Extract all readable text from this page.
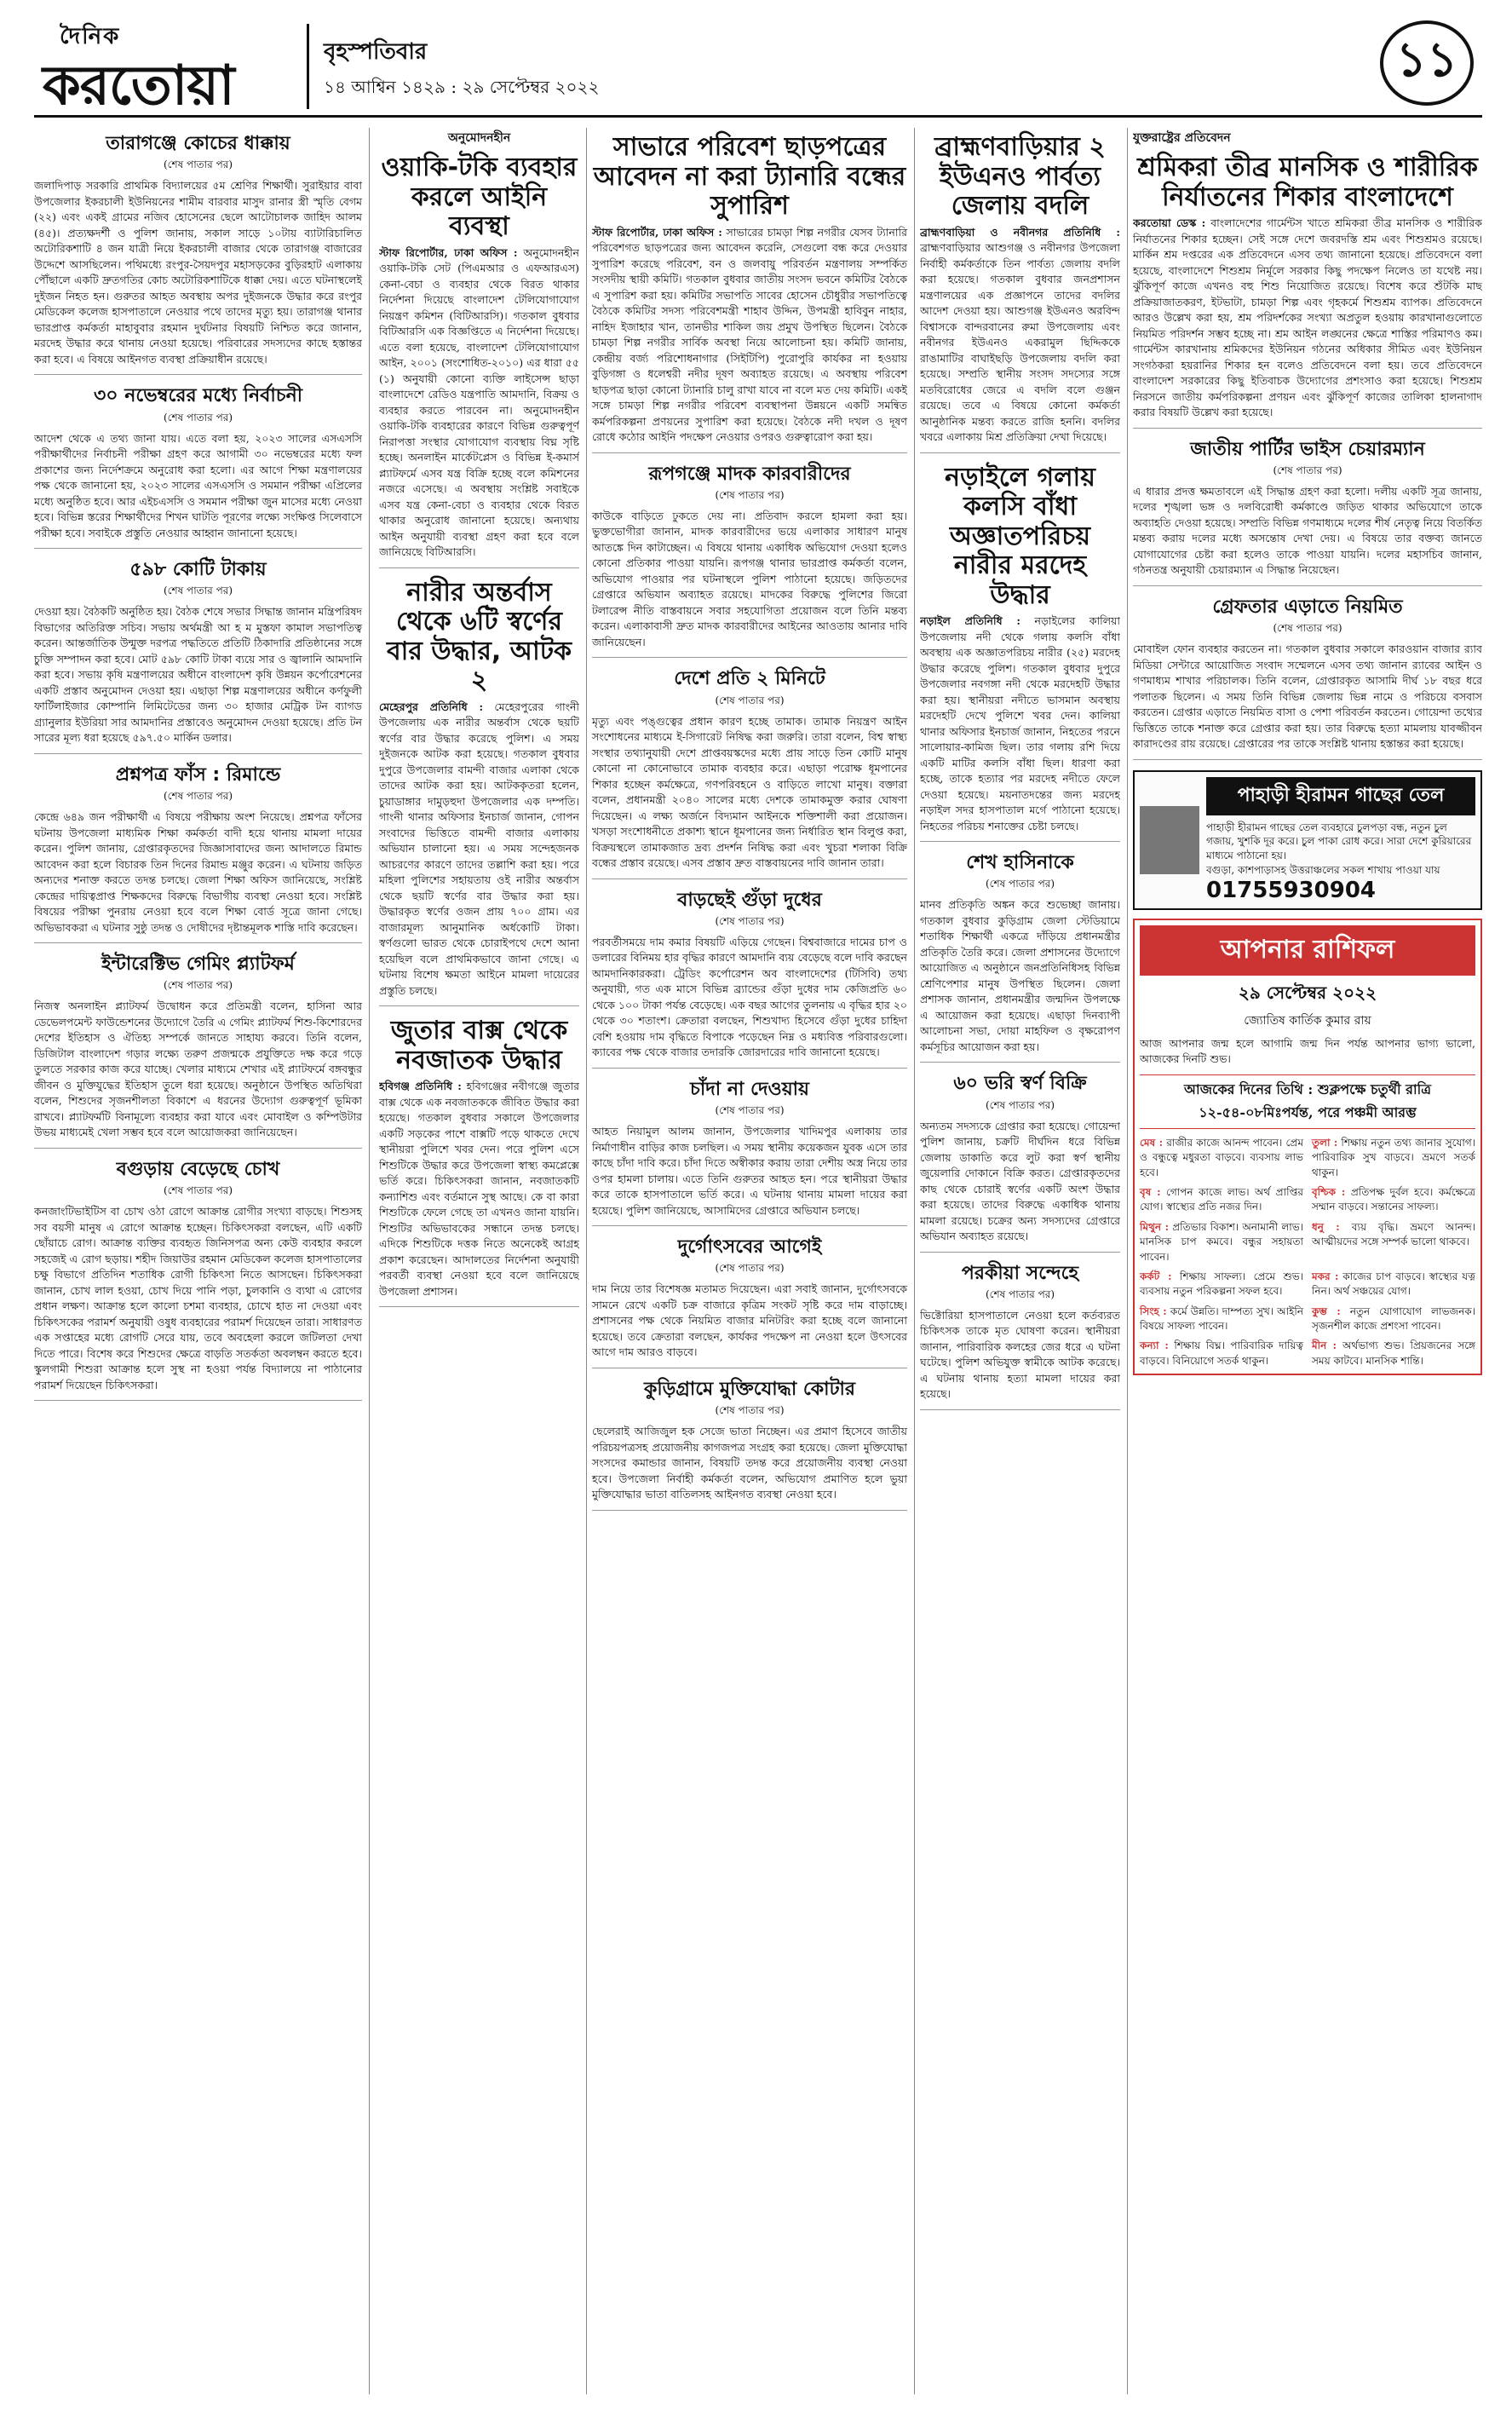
দৈনিক
করতোয়া
বৃহস্পতিবার
১৪ আশ্বিন ১৪২৯ : ২৯ সেপ্টেম্বর ২০২২	১১
তারাগঞ্জে কোচের ধাক্কায়
(শেষ পাতার পর)
জলাদিপাড় সরকারি প্রাথমিক বিদ্যালয়ের ৫ম শ্রেণির শিক্ষার্থী। সুরাইয়ার বাবা উপজেলার ইকরচালী ইউনিয়নের শামীম বারবার মাসুদ রানার স্ত্রী স্মৃতি বেগম (২২) এবং একই গ্রামের নজিব হোসেনের ছেলে আটোচালক জাহিদ আলম (৪৫)। প্রত্যক্ষদর্শী ও পুলিশ জানায়, সকাল সাড়ে ১০টায় ব্যাটারিচালিত অটোরিকশাটি ৪ জন যাত্রী নিয়ে ইকরচালী বাজার থেকে তারাগঞ্জ বাজারের উদ্দেশে আসছিলেন। পথিমধ্যে রংপুর-সৈয়দপুর মহাসড়কের বুড়িরহাট এলাকায় পৌঁছালে একটি দ্রুতগতির কোচ অটোরিকশাটিকে ধাক্কা দেয়। এতে ঘটনাস্থলেই দুইজন নিহত হন। গুরুতর আহত অবস্থায় অপর দুইজনকে উদ্ধার করে রংপুর মেডিকেল কলেজ হাসপাতালে নেওয়ার পথে তাদের মৃত্যু হয়। তারাগঞ্জ থানার ভারপ্রাপ্ত কর্মকর্তা মাহাবুবার রহমান দুর্ঘটনার বিষয়টি নিশ্চিত করে জানান, মরদেহ উদ্ধার করে থানায় নেওয়া হয়েছে। পরিবারের সদস্যদের কাছে হস্তান্তর করা হবে। এ বিষয়ে আইনগত ব্যবস্থা প্রক্রিয়াধীন রয়েছে।
৩০ নভেম্বরের মধ্যে নির্বাচনী
(শেষ পাতার পর)
আদেশ থেকে এ তথ্য জানা যায়। এতে বলা হয়, ২০২৩ সালের এসএসসি পরীক্ষার্থীদের নির্বাচনী পরীক্ষা গ্রহণ করে আগামী ৩০ নভেম্বরের মধ্যে ফল প্রকাশের জন্য নির্দেশক্রমে অনুরোধ করা হলো। এর আগে শিক্ষা মন্ত্রণালয়ের পক্ষ থেকে জানানো হয়, ২০২৩ সালের এসএসসি ও সমমান পরীক্ষা এপ্রিলের মধ্যে অনুষ্ঠিত হবে। আর এইচএসসি ও সমমান পরীক্ষা জুন মাসের মধ্যে নেওয়া হবে। বিভিন্ন স্তরের শিক্ষার্থীদের শিখন ঘাটতি পূরণের লক্ষ্যে সংক্ষিপ্ত সিলেবাসে পরীক্ষা হবে। সবাইকে প্রস্তুতি নেওয়ার আহ্বান জানানো হয়েছে।
৫৯৮ কোটি টাকায়
(শেষ পাতার পর)
দেওয়া হয়। বৈঠকটি অনুষ্ঠিত হয়। বৈঠক শেষে সভার সিদ্ধান্ত জানান মন্ত্রিপরিষদ বিভাগের অতিরিক্ত সচিব। সভায় অর্থমন্ত্রী আ হ ম মুস্তফা কামাল সভাপতিত্ব করেন। আন্তর্জাতিক উন্মুক্ত দরপত্র পদ্ধতিতে প্রতিটি ঠিকাদারি প্রতিষ্ঠানের সঙ্গে চুক্তি সম্পাদন করা হবে। মোট ৫৯৮ কোটি টাকা ব্যয়ে সার ও জ্বালানি আমদানি করা হবে। সভায় কৃষি মন্ত্রণালয়ের অধীনে বাংলাদেশ কৃষি উন্নয়ন কর্পোরেশনের একটি প্রস্তাব অনুমোদন দেওয়া হয়। এছাড়া শিল্প মন্ত্রণালয়ের অধীনে কর্ণফুলী ফার্টিলাইজার কোম্পানি লিমিটেডের জন্য ৩০ হাজার মেট্রিক টন ব্যাগড গ্র্যানুলার ইউরিয়া সার আমদানির প্রস্তাবেও অনুমোদন দেওয়া হয়েছে। প্রতি টন সারের মূল্য ধরা হয়েছে ৫৯৭.৫০ মার্কিন ডলার।
প্রশ্নপত্র ফাঁস : রিমান্ডে
(শেষ পাতার পর)
কেন্দ্রে ৬৪৯ জন পরীক্ষার্থী এ বিষয়ে পরীক্ষায় অংশ নিয়েছে। প্রশ্নপত্র ফাঁসের ঘটনায় উপজেলা মাধ্যমিক শিক্ষা কর্মকর্তা বাদী হয়ে থানায় মামলা দায়ের করেন। পুলিশ জানায়, গ্রেপ্তারকৃতদের জিজ্ঞাসাবাদের জন্য আদালতে রিমান্ড আবেদন করা হলে বিচারক তিন দিনের রিমান্ড মঞ্জুর করেন। এ ঘটনায় জড়িত অন্যদের শনাক্ত করতে তদন্ত চলছে। জেলা শিক্ষা অফিস জানিয়েছে, সংশ্লিষ্ট কেন্দ্রের দায়িত্বপ্রাপ্ত শিক্ষকদের বিরুদ্ধে বিভাগীয় ব্যবস্থা নেওয়া হবে। সংশ্লিষ্ট বিষয়ের পরীক্ষা পুনরায় নেওয়া হবে বলে শিক্ষা বোর্ড সূত্রে জানা গেছে। অভিভাবকরা এ ঘটনার সুষ্ঠু তদন্ত ও দোষীদের দৃষ্টান্তমূলক শাস্তি দাবি করেছেন।
ইন্টারেক্টিভ গেমিং প্ল্যাটফর্ম
(শেষ পাতার পর)
নিজস্ব অনলাইন প্ল্যাটফর্ম উদ্বোধন করে প্রতিমন্ত্রী বলেন, হাসিনা আর ডেভেলপমেন্ট ফাউন্ডেশনের উদ্যোগে তৈরি এ গেমিং প্ল্যাটফর্ম শিশু-কিশোরদের দেশের ইতিহাস ও ঐতিহ্য সম্পর্কে জানতে সাহায্য করবে। তিনি বলেন, ডিজিটাল বাংলাদেশ গড়ার লক্ষ্যে তরুণ প্রজন্মকে প্রযুক্তিতে দক্ষ করে গড়ে তুলতে সরকার কাজ করে যাচ্ছে। খেলার মাধ্যমে শেখার এই প্ল্যাটফর্মে বঙ্গবন্ধুর জীবন ও মুক্তিযুদ্ধের ইতিহাস তুলে ধরা হয়েছে। অনুষ্ঠানে উপস্থিত অতিথিরা বলেন, শিশুদের সৃজনশীলতা বিকাশে এ ধরনের উদ্যোগ গুরুত্বপূর্ণ ভূমিকা রাখবে। প্ল্যাটফর্মটি বিনামূল্যে ব্যবহার করা যাবে এবং মোবাইল ও কম্পিউটার উভয় মাধ্যমেই খেলা সম্ভব হবে বলে আয়োজকরা জানিয়েছেন।
বগুড়ায় বেড়েছে চোখ
(শেষ পাতার পর)
কনজাংটিভাইটিস বা চোখ ওঠা রোগে আক্রান্ত রোগীর সংখ্যা বাড়ছে। শিশুসহ সব বয়সী মানুষ এ রোগে আক্রান্ত হচ্ছেন। চিকিৎসকরা বলছেন, এটি একটি ছোঁয়াচে রোগ। আক্রান্ত ব্যক্তির ব্যবহৃত জিনিসপত্র অন্য কেউ ব্যবহার করলে সহজেই এ রোগ ছড়ায়। শহীদ জিয়াউর রহমান মেডিকেল কলেজ হাসপাতালের চক্ষু বিভাগে প্রতিদিন শতাধিক রোগী চিকিৎসা নিতে আসছেন। চিকিৎসকরা জানান, চোখ লাল হওয়া, চোখ দিয়ে পানি পড়া, চুলকানি ও ব্যথা এ রোগের প্রধান লক্ষণ। আক্রান্ত হলে কালো চশমা ব্যবহার, চোখে হাত না দেওয়া এবং চিকিৎসকের পরামর্শ অনুযায়ী ওষুধ ব্যবহারের পরামর্শ দিয়েছেন তারা। সাধারণত এক সপ্তাহের মধ্যে রোগটি সেরে যায়, তবে অবহেলা করলে জটিলতা দেখা দিতে পারে। বিশেষ করে শিশুদের ক্ষেত্রে বাড়তি সতর্কতা অবলম্বন করতে হবে। স্কুলগামী শিশুরা আক্রান্ত হলে সুস্থ না হওয়া পর্যন্ত বিদ্যালয়ে না পাঠানোর পরামর্শ দিয়েছেন চিকিৎসকরা।
অনুমোদনহীন
ওয়াকি-টকি ব্যবহার করলে আইনি ব্যবস্থা
স্টাফ রিপোর্টার, ঢাকা অফিস : অনুমোদনহীন ওয়াকি-টকি সেট (পিএমআর ও এফআরএস) কেনা-বেচা ও ব্যবহার থেকে বিরত থাকার নির্দেশনা দিয়েছে বাংলাদেশ টেলিযোগাযোগ নিয়ন্ত্রণ কমিশন (বিটিআরসি)। গতকাল বুধবার বিটিআরসি এক বিজ্ঞপ্তিতে এ নির্দেশনা দিয়েছে। এতে বলা হয়েছে, বাংলাদেশ টেলিযোগাযোগ আইন, ২০০১ (সংশোধিত-২০১০) এর ধারা ৫৫ (১) অনুযায়ী কোনো ব্যক্তি লাইসেন্স ছাড়া বাংলাদেশে রেডিও যন্ত্রপাতি আমদানি, বিক্রয় ও ব্যবহার করতে পারবেন না। অনুমোদনহীন ওয়াকি-টকি ব্যবহারের কারণে বিভিন্ন গুরুত্বপূর্ণ নিরাপত্তা সংস্থার যোগাযোগ ব্যবস্থায় বিঘ্ন সৃষ্টি হচ্ছে। অনলাইন মার্কেটপ্লেস ও বিভিন্ন ই-কমার্স প্ল্যাটফর্মে এসব যন্ত্র বিক্রি হচ্ছে বলে কমিশনের নজরে এসেছে। এ অবস্থায় সংশ্লিষ্ট সবাইকে এসব যন্ত্র কেনা-বেচা ও ব্যবহার থেকে বিরত থাকার অনুরোধ জানানো হয়েছে। অন্যথায় আইন অনুযায়ী ব্যবস্থা গ্রহণ করা হবে বলে জানিয়েছে বিটিআরসি।
নারীর অন্তর্বাস থেকে ৬টি স্বর্ণের বার উদ্ধার, আটক ২
মেহেরপুর প্রতিনিধি : মেহেরপুরের গাংনী উপজেলায় এক নারীর অন্তর্বাস থেকে ছয়টি স্বর্ণের বার উদ্ধার করেছে পুলিশ। এ সময় দুইজনকে আটক করা হয়েছে। গতকাল বুধবার দুপুরে উপজেলার বামন্দী বাজার এলাকা থেকে তাদের আটক করা হয়। আটককৃতরা হলেন, চুয়াডাঙ্গার দামুড়হুদা উপজেলার এক দম্পতি। গাংনী থানার অফিসার ইনচার্জ জানান, গোপন সংবাদের ভিত্তিতে বামন্দী বাজার এলাকায় অভিযান চালানো হয়। এ সময় সন্দেহজনক আচরণের কারণে তাদের তল্লাশি করা হয়। পরে মহিলা পুলিশের সহায়তায় ওই নারীর অন্তর্বাস থেকে ছয়টি স্বর্ণের বার উদ্ধার করা হয়। উদ্ধারকৃত স্বর্ণের ওজন প্রায় ৭০০ গ্রাম। এর বাজারমূল্য আনুমানিক অর্ধকোটি টাকা। স্বর্ণগুলো ভারত থেকে চোরাইপথে দেশে আনা হয়েছিল বলে প্রাথমিকভাবে জানা গেছে। এ ঘটনায় বিশেষ ক্ষমতা আইনে মামলা দায়েরের প্রস্তুতি চলছে।
জুতার বাক্স থেকে নবজাতক উদ্ধার
হবিগঞ্জ প্রতিনিধি : হবিগঞ্জের নবীগঞ্জে জুতার বাক্স থেকে এক নবজাতককে জীবিত উদ্ধার করা হয়েছে। গতকাল বুধবার সকালে উপজেলার একটি সড়কের পাশে বাক্সটি পড়ে থাকতে দেখে স্থানীয়রা পুলিশে খবর দেন। পরে পুলিশ এসে শিশুটিকে উদ্ধার করে উপজেলা স্বাস্থ্য কমপ্লেক্সে ভর্তি করে। চিকিৎসকরা জানান, নবজাতকটি কন্যাশিশু এবং বর্তমানে সুস্থ আছে। কে বা কারা শিশুটিকে ফেলে গেছে তা এখনও জানা যায়নি। শিশুটির অভিভাবকের সন্ধানে তদন্ত চলছে। এদিকে শিশুটিকে দত্তক নিতে অনেকেই আগ্রহ প্রকাশ করেছেন। আদালতের নির্দেশনা অনুযায়ী পরবর্তী ব্যবস্থা নেওয়া হবে বলে জানিয়েছে উপজেলা প্রশাসন।
সাভারে পরিবেশ ছাড়পত্রের আবেদন না করা ট্যানারি বন্ধের সুপারিশ
স্টাফ রিপোর্টার, ঢাকা অফিস : সাভারের চামড়া শিল্প নগরীর যেসব ট্যানারি পরিবেশগত ছাড়পত্রের জন্য আবেদন করেনি, সেগুলো বন্ধ করে দেওয়ার সুপারিশ করেছে পরিবেশ, বন ও জলবায়ু পরিবর্তন মন্ত্রণালয় সম্পর্কিত সংসদীয় স্থায়ী কমিটি। গতকাল বুধবার জাতীয় সংসদ ভবনে কমিটির বৈঠকে এ সুপারিশ করা হয়। কমিটির সভাপতি সাবের হোসেন চৌধুরীর সভাপতিত্বে বৈঠকে কমিটির সদস্য পরিবেশমন্ত্রী শাহাব উদ্দিন, উপমন্ত্রী হাবিবুন নাহার, নাহিদ ইজাহার খান, তানভীর শাকিল জয় প্রমুখ উপস্থিত ছিলেন। বৈঠকে চামড়া শিল্প নগরীর সার্বিক অবস্থা নিয়ে আলোচনা হয়। কমিটি জানায়, কেন্দ্রীয় বর্জ্য পরিশোধনাগার (সিইটিপি) পুরোপুরি কার্যকর না হওয়ায় বুড়িগঙ্গা ও ধলেশ্বরী নদীর দূষণ অব্যাহত রয়েছে। এ অবস্থায় পরিবেশ ছাড়পত্র ছাড়া কোনো ট্যানারি চালু রাখা যাবে না বলে মত দেয় কমিটি। একই সঙ্গে চামড়া শিল্প নগরীর পরিবেশ ব্যবস্থাপনা উন্নয়নে একটি সমন্বিত কর্মপরিকল্পনা প্রণয়নের সুপারিশ করা হয়েছে। বৈঠকে নদী দখল ও দূষণ রোধে কঠোর আইনি পদক্ষেপ নেওয়ার ওপরও গুরুত্বারোপ করা হয়।
রূপগঞ্জে মাদক কারবারীদের
(শেষ পাতার পর)
কাউকে বাড়িতে ঢুকতে দেয় না। প্রতিবাদ করলে হামলা করা হয়। ভুক্তভোগীরা জানান, মাদক কারবারীদের ভয়ে এলাকার সাধারণ মানুষ আতঙ্কে দিন কাটাচ্ছেন। এ বিষয়ে থানায় একাধিক অভিযোগ দেওয়া হলেও কোনো প্রতিকার পাওয়া যায়নি। রূপগঞ্জ থানার ভারপ্রাপ্ত কর্মকর্তা বলেন, অভিযোগ পাওয়ার পর ঘটনাস্থলে পুলিশ পাঠানো হয়েছে। জড়িতদের গ্রেপ্তারে অভিযান অব্যাহত রয়েছে। মাদকের বিরুদ্ধে পুলিশের জিরো টলারেন্স নীতি বাস্তবায়নে সবার সহযোগিতা প্রয়োজন বলে তিনি মন্তব্য করেন। এলাকাবাসী দ্রুত মাদক কারবারীদের আইনের আওতায় আনার দাবি জানিয়েছেন।
দেশে প্রতি ২ মিনিটে
(শেষ পাতার পর)
মৃত্যু এবং পঙ্গুত্বের প্রধান কারণ হচ্ছে তামাক। তামাক নিয়ন্ত্রণ আইন সংশোধনের মাধ্যমে ই-সিগারেট নিষিদ্ধ করা জরুরি। তারা বলেন, বিশ্ব স্বাস্থ্য সংস্থার তথ্যানুযায়ী দেশে প্রাপ্তবয়স্কদের মধ্যে প্রায় সাড়ে তিন কোটি মানুষ কোনো না কোনোভাবে তামাক ব্যবহার করে। এছাড়া পরোক্ষ ধূমপানের শিকার হচ্ছেন কর্মক্ষেত্রে, গণপরিবহনে ও বাড়িতে লাখো মানুষ। বক্তারা বলেন, প্রধানমন্ত্রী ২০৪০ সালের মধ্যে দেশকে তামাকমুক্ত করার ঘোষণা দিয়েছেন। এ লক্ষ্য অর্জনে বিদ্যমান আইনকে শক্তিশালী করা প্রয়োজন। খসড়া সংশোধনীতে প্রকাশ্য স্থানে ধূমপানের জন্য নির্ধারিত স্থান বিলুপ্ত করা, বিক্রয়স্থলে তামাকজাত দ্রব্য প্রদর্শন নিষিদ্ধ করা এবং খুচরা শলাকা বিক্রি বন্ধের প্রস্তাব রয়েছে। এসব প্রস্তাব দ্রুত বাস্তবায়নের দাবি জানান তারা।
বাড়ছেই গুঁড়া দুধের
(শেষ পাতার পর)
পরবর্তীসময়ে দাম কমার বিষয়টি এড়িয়ে গেছেন। বিশ্ববাজারে দামের চাপ ও ডলারের বিনিময় হার বৃদ্ধির কারণে আমদানি ব্যয় বেড়েছে বলে দাবি করছেন আমদানিকারকরা। ট্রেডিং কর্পোরেশন অব বাংলাদেশের (টিসিবি) তথ্য অনুযায়ী, গত এক মাসে বিভিন্ন ব্র্যান্ডের গুঁড়া দুধের দাম কেজিপ্রতি ৬০ থেকে ১০০ টাকা পর্যন্ত বেড়েছে। এক বছর আগের তুলনায় এ বৃদ্ধির হার ২০ থেকে ৩০ শতাংশ। ক্রেতারা বলছেন, শিশুখাদ্য হিসেবে গুঁড়া দুধের চাহিদা বেশি হওয়ায় দাম বৃদ্ধিতে বিপাকে পড়েছেন নিম্ন ও মধ্যবিত্ত পরিবারগুলো। ক্যাবের পক্ষ থেকে বাজার তদারকি জোরদারের দাবি জানানো হয়েছে।
চাঁদা না দেওয়ায়
(শেষ পাতার পর)
আহত নিয়ামুল আলম জানান, উপজেলার খাদিমপুর এলাকায় তার নির্মাণাধীন বাড়ির কাজ চলছিল। এ সময় স্থানীয় কয়েকজন যুবক এসে তার কাছে চাঁদা দাবি করে। চাঁদা দিতে অস্বীকার করায় তারা দেশীয় অস্ত্র নিয়ে তার ওপর হামলা চালায়। এতে তিনি গুরুতর আহত হন। পরে স্থানীয়রা উদ্ধার করে তাকে হাসপাতালে ভর্তি করে। এ ঘটনায় থানায় মামলা দায়ের করা হয়েছে। পুলিশ জানিয়েছে, আসামিদের গ্রেপ্তারে অভিযান চলছে।
দুর্গোৎসবের আগেই
(শেষ পাতার পর)
দাম নিয়ে তার বিশেষজ্ঞ মতামত দিয়েছেন। এরা সবাই জানান, দুর্গোৎসবকে সামনে রেখে একটি চক্র বাজারে কৃত্রিম সংকট সৃষ্টি করে দাম বাড়াচ্ছে। প্রশাসনের পক্ষ থেকে নিয়মিত বাজার মনিটরিং করা হচ্ছে বলে জানানো হয়েছে। তবে ক্রেতারা বলছেন, কার্যকর পদক্ষেপ না নেওয়া হলে উৎসবের আগে দাম আরও বাড়বে।
কুড়িগ্রামে মুক্তিযোদ্ধা কোটার
(শেষ পাতার পর)
ছেলেরাই আজিজুল হক সেজে ভাতা নিচ্ছেন। এর প্রমাণ হিসেবে জাতীয় পরিচয়পত্রসহ প্রয়োজনীয় কাগজপত্র সংগ্রহ করা হয়েছে। জেলা মুক্তিযোদ্ধা সংসদের কমান্ডার জানান, বিষয়টি তদন্ত করে প্রয়োজনীয় ব্যবস্থা নেওয়া হবে। উপজেলা নির্বাহী কর্মকর্তা বলেন, অভিযোগ প্রমাণিত হলে ভুয়া মুক্তিযোদ্ধার ভাতা বাতিলসহ আইনগত ব্যবস্থা নেওয়া হবে।
ব্রাহ্মণবাড়িয়ার ২ ইউএনও পার্বত্য জেলায় বদলি
ব্রাহ্মণবাড়িয়া ও নবীনগর প্রতিনিধি : ব্রাহ্মণবাড়িয়ার আশুগঞ্জ ও নবীনগর উপজেলা নির্বাহী কর্মকর্তাকে তিন পার্বত্য জেলায় বদলি করা হয়েছে। গতকাল বুধবার জনপ্রশাসন মন্ত্রণালয়ের এক প্রজ্ঞাপনে তাদের বদলির আদেশ দেওয়া হয়। আশুগঞ্জ ইউএনও অরবিন্দ বিশ্বাসকে বান্দরবানের রুমা উপজেলায় এবং নবীনগর ইউএনও একরামুল ছিদ্দিককে রাঙামাটির বাঘাইছড়ি উপজেলায় বদলি করা হয়েছে। সম্প্রতি স্থানীয় সংসদ সদস্যের সঙ্গে মতবিরোধের জেরে এ বদলি বলে গুঞ্জন রয়েছে। তবে এ বিষয়ে কোনো কর্মকর্তা আনুষ্ঠানিক মন্তব্য করতে রাজি হননি। বদলির খবরে এলাকায় মিশ্র প্রতিক্রিয়া দেখা দিয়েছে।
নড়াইলে গলায় কলসি বাঁধা অজ্ঞাতপরিচয় নারীর মরদেহ উদ্ধার
নড়াইল প্রতিনিধি : নড়াইলের কালিয়া উপজেলায় নদী থেকে গলায় কলসি বাঁধা অবস্থায় এক অজ্ঞাতপরিচয় নারীর (২৫) মরদেহ উদ্ধার করেছে পুলিশ। গতকাল বুধবার দুপুরে উপজেলার নবগঙ্গা নদী থেকে মরদেহটি উদ্ধার করা হয়। স্থানীয়রা নদীতে ভাসমান অবস্থায় মরদেহটি দেখে পুলিশে খবর দেন। কালিয়া থানার অফিসার ইনচার্জ জানান, নিহতের পরনে সালোয়ার-কামিজ ছিল। তার গলায় রশি দিয়ে একটি মাটির কলসি বাঁধা ছিল। ধারণা করা হচ্ছে, তাকে হত্যার পর মরদেহ নদীতে ফেলে দেওয়া হয়েছে। ময়নাতদন্তের জন্য মরদেহ নড়াইল সদর হাসপাতাল মর্গে পাঠানো হয়েছে। নিহতের পরিচয় শনাক্তের চেষ্টা চলছে।
শেখ হাসিনাকে
(শেষ পাতার পর)
মানব প্রতিকৃতি অঙ্কন করে শুভেচ্ছা জানায়। গতকাল বুধবার কুড়িগ্রাম জেলা স্টেডিয়ামে শতাধিক শিক্ষার্থী একত্রে দাঁড়িয়ে প্রধানমন্ত্রীর প্রতিকৃতি তৈরি করে। জেলা প্রশাসনের উদ্যোগে আয়োজিত এ অনুষ্ঠানে জনপ্রতিনিধিসহ বিভিন্ন শ্রেণিপেশার মানুষ উপস্থিত ছিলেন। জেলা প্রশাসক জানান, প্রধানমন্ত্রীর জন্মদিন উপলক্ষে এ আয়োজন করা হয়েছে। এছাড়া দিনব্যাপী আলোচনা সভা, দোয়া মাহফিল ও বৃক্ষরোপণ কর্মসূচির আয়োজন করা হয়।
৬০ ভরি স্বর্ণ বিক্রি
(শেষ পাতার পর)
অন্যতম সদস্যকে গ্রেপ্তার করা হয়েছে। গোয়েন্দা পুলিশ জানায়, চক্রটি দীর্ঘদিন ধরে বিভিন্ন জেলায় ডাকাতি করে লুট করা স্বর্ণ স্থানীয় জুয়েলারি দোকানে বিক্রি করত। গ্রেপ্তারকৃতদের কাছ থেকে চোরাই স্বর্ণের একটি অংশ উদ্ধার করা হয়েছে। তাদের বিরুদ্ধে একাধিক থানায় মামলা রয়েছে। চক্রের অন্য সদস্যদের গ্রেপ্তারে অভিযান অব্যাহত রয়েছে।
পরকীয়া সন্দেহে
(শেষ পাতার পর)
ভিক্টোরিয়া হাসপাতালে নেওয়া হলে কর্তব্যরত চিকিৎসক তাকে মৃত ঘোষণা করেন। স্থানীয়রা জানান, পারিবারিক কলহের জের ধরে এ ঘটনা ঘটেছে। পুলিশ অভিযুক্ত স্বামীকে আটক করেছে। এ ঘটনায় থানায় হত্যা মামলা দায়ের করা হয়েছে।
যুক্তরাষ্ট্রের প্রতিবেদন
শ্রমিকরা তীব্র মানসিক ও শারীরিক নির্যাতনের শিকার বাংলাদেশে
করতোয়া ডেস্ক : বাংলাদেশের গার্মেন্টস খাতে শ্রমিকরা তীব্র মানসিক ও শারীরিক নির্যাতনের শিকার হচ্ছেন। সেই সঙ্গে দেশে জবরদস্তি শ্রম এবং শিশুশ্রমও রয়েছে। মার্কিন শ্রম দপ্তরের এক প্রতিবেদনে এসব তথ্য জানানো হয়েছে। প্রতিবেদনে বলা হয়েছে, বাংলাদেশে শিশুশ্রম নির্মূলে সরকার কিছু পদক্ষেপ নিলেও তা যথেষ্ট নয়। ঝুঁকিপূর্ণ কাজে এখনও বহু শিশু নিয়োজিত রয়েছে। বিশেষ করে শুঁটকি মাছ প্রক্রিয়াজাতকরণ, ইটভাটা, চামড়া শিল্প এবং গৃহকর্মে শিশুশ্রম ব্যাপক। প্রতিবেদনে আরও উল্লেখ করা হয়, শ্রম পরিদর্শকের সংখ্যা অপ্রতুল হওয়ায় কারখানাগুলোতে নিয়মিত পরিদর্শন সম্ভব হচ্ছে না। শ্রম আইন লঙ্ঘনের ক্ষেত্রে শাস্তির পরিমাণও কম। গার্মেন্টস কারখানায় শ্রমিকদের ইউনিয়ন গঠনের অধিকার সীমিত এবং ইউনিয়ন সংগঠকরা হয়রানির শিকার হন বলেও প্রতিবেদনে বলা হয়। তবে প্রতিবেদনে বাংলাদেশ সরকারের কিছু ইতিবাচক উদ্যোগের প্রশংসাও করা হয়েছে। শিশুশ্রম নিরসনে জাতীয় কর্মপরিকল্পনা প্রণয়ন এবং ঝুঁকিপূর্ণ কাজের তালিকা হালনাগাদ করার বিষয়টি উল্লেখ করা হয়েছে।
জাতীয় পার্টির ভাইস চেয়ারম্যান
(শেষ পাতার পর)
এ ধারার প্রদত্ত ক্ষমতাবলে এই সিদ্ধান্ত গ্রহণ করা হলো। দলীয় একটি সূত্র জানায়, দলের শৃঙ্খলা ভঙ্গ ও দলবিরোধী কর্মকাণ্ডে জড়িত থাকার অভিযোগে তাকে অব্যাহতি দেওয়া হয়েছে। সম্প্রতি বিভিন্ন গণমাধ্যমে দলের শীর্ষ নেতৃত্ব নিয়ে বিতর্কিত মন্তব্য করায় দলের মধ্যে অসন্তোষ দেখা দেয়। এ বিষয়ে তার বক্তব্য জানতে যোগাযোগের চেষ্টা করা হলেও তাকে পাওয়া যায়নি। দলের মহাসচিব জানান, গঠনতন্ত্র অনুযায়ী চেয়ারম্যান এ সিদ্ধান্ত নিয়েছেন।
গ্রেফতার এড়াতে নিয়মিত
(শেষ পাতার পর)
মোবাইল ফোন ব্যবহার করতেন না। গতকাল বুধবার সকালে কারওয়ান বাজার র‍্যাব মিডিয়া সেন্টারে আয়োজিত সংবাদ সম্মেলনে এসব তথ্য জানান র‍্যাবের আইন ও গণমাধ্যম শাখার পরিচালক। তিনি বলেন, গ্রেপ্তারকৃত আসামি দীর্ঘ ১৮ বছর ধরে পলাতক ছিলেন। এ সময় তিনি বিভিন্ন জেলায় ভিন্ন নামে ও পরিচয়ে বসবাস করতেন। গ্রেপ্তার এড়াতে নিয়মিত বাসা ও পেশা পরিবর্তন করতেন। গোয়েন্দা তথ্যের ভিত্তিতে তাকে শনাক্ত করে গ্রেপ্তার করা হয়। তার বিরুদ্ধে হত্যা মামলায় যাবজ্জীবন কারাদণ্ডের রায় রয়েছে। গ্রেপ্তারের পর তাকে সংশ্লিষ্ট থানায় হস্তান্তর করা হয়েছে।
পাহাড়ী হীরামন গাছের তেল
পাহাড়ী হীরামন গাছের তেল ব্যবহারে চুলপড়া বন্ধ, নতুন চুল গজায়, খুশকি দূর করে। চুল পাকা রোধ করে। সারা দেশে কুরিয়ারের মাধ্যমে পাঠানো হয়।
বগুড়া, কাশপাড়াসহ উত্তরাঞ্চলের সকল শাখায় পাওয়া যায়
01755930904
আপনার রাশিফল
২৯ সেপ্টেম্বর ২০২২
জ্যোতিষ কার্তিক কুমার রায়
আজ আপনার জন্ম হলে আগামি জন্ম দিন পর্যন্ত আপনার ভাগ্য ভালো, আজকের দিনটি শুভ।
আজকের দিনের তিথি : শুক্লপক্ষে চতুর্থী রাত্রি ১২-৫৪-০৮মিঃপর্যন্ত, পরে পঞ্চমী আরম্ভ
মেষ : রাজীর কাজে আনন্দ পাবেন। প্রেম ও বন্ধুত্বে মধুরতা বাড়বে। ব্যবসায় লাভ হবে।
তুলা : শিক্ষায় নতুন তথ্য জানার সুযোগ। পারিবারিক সুখ বাড়বে। ভ্রমণে সতর্ক থাকুন।
বৃষ : গোপন কাজে লাভ। অর্থ প্রাপ্তির যোগ। স্বাস্থ্যের প্রতি নজর দিন।
বৃশ্চিক : প্রতিপক্ষ দুর্বল হবে। কর্মক্ষেত্রে সম্মান বাড়বে। সন্তানের সাফল্য।
মিথুন : প্রতিভার বিকাশ। অনামানী লাভ। মানসিক চাপ কমবে। বন্ধুর সহায়তা পাবেন।
ধনু : ব্যয় বৃদ্ধি। ভ্রমণে আনন্দ। আত্মীয়দের সঙ্গে সম্পর্ক ভালো থাকবে।
কর্কট : শিক্ষায় সাফল্য। প্রেমে শুভ। ব্যবসায় নতুন পরিকল্পনা সফল হবে।
মকর : কাজের চাপ বাড়বে। স্বাস্থ্যের যত্ন নিন। অর্থ সঞ্চয়ের যোগ।
সিংহ : কর্মে উন্নতি। দাম্পত্য সুখ। আইনি বিষয়ে সাফল্য পাবেন।
কুম্ভ : নতুন যোগাযোগ লাভজনক। সৃজনশীল কাজে প্রশংসা পাবেন।
কন্যা : শিক্ষায় বিঘ্ন। পারিবারিক দায়িত্ব বাড়বে। বিনিয়োগে সতর্ক থাকুন।
মীন : অর্থভাগ্য শুভ। প্রিয়জনের সঙ্গে সময় কাটবে। মানসিক শান্তি।
